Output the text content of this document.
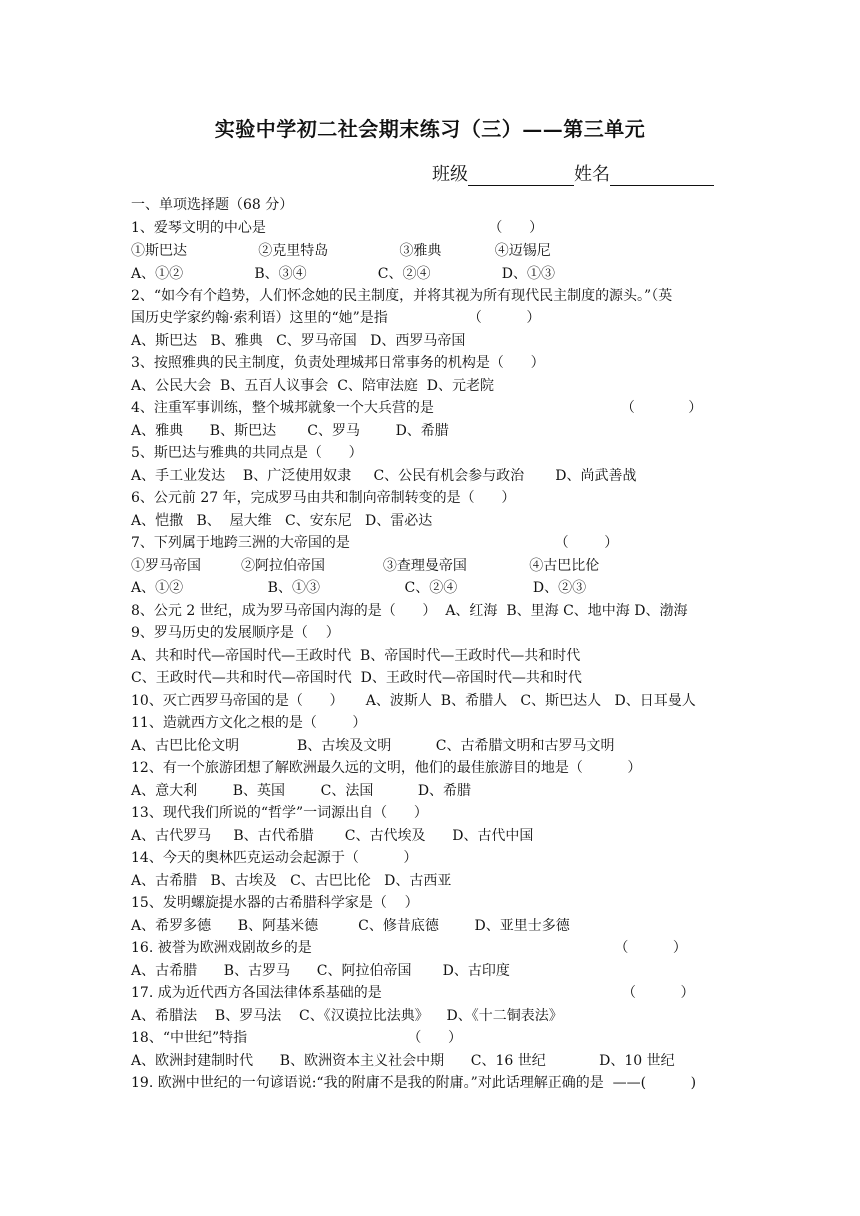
实验中学初二社会期末练习（三）——第三单元
班级	姓名
一、单项选择题（68 分）
1、爱琴文明的中心是                                                  （      ）
①斯巴达                ②克里特岛                ③雅典            ④迈锡尼
A、①②                B、③④                C、②④                D、①③
2、“如今有个趋势，人们怀念她的民主制度，并将其视为所有现代民主制度的源头。”（英
国历史学家约翰·索利语）这里的“她”是指                  （          ）
A、斯巴达   B、雅典   C、罗马帝国   D、西罗马帝国
3、按照雅典的民主制度，负责处理城邦日常事务的机构是（      ）
A、公民大会  B、五百人议事会  C、陪审法庭  D、元老院
4、注重军事训练，整个城邦就象一个大兵营的是                                          （            ）
A、雅典      B、斯巴达       C、罗马        D、希腊
5、斯巴达与雅典的共同点是（      ）
A、手工业发达    B、广泛使用奴隶     C、公民有机会参与政治       D、尚武善战
6、公元前 27 年，完成罗马由共和制向帝制转变的是（      ）
A、恺撒   B、  屋大维   C、安东尼   D、雷必达
7、下列属于地跨三洲的大帝国的是                                              （        ）
①罗马帝国         ②阿拉伯帝国             ③查理曼帝国              ④古巴比伦
A、①②                   B、①③                   C、②④                 D、②③
8、公元 2 世纪，成为罗马帝国内海的是（      ）  A、红海  B、里海 C、地中海 D、渤海
9、罗马历史的发展顺序是（    ）
A、共和时代—帝国时代—王政时代  B、帝国时代—王政时代—共和时代
C、王政时代—共和时代—帝国时代  D、王政时代—帝国时代—共和时代
10、灭亡西罗马帝国的是（      ）     A、波斯人  B、希腊人   C、斯巴达人   D、日耳曼人
11、造就西方文化之根的是（        ）
A、古巴比伦文明             B、古埃及文明          C、古希腊文明和古罗马文明
12、有一个旅游团想了解欧洲最久远的文明，他们的最佳旅游目的地是（          ）
A、意大利        B、英国        C、法国          D、希腊
13、现代我们所说的“哲学”一词源出自（      ）
A、古代罗马     B、古代希腊       C、古代埃及      D、古代中国
14、今天的奥林匹克运动会起源于（          ）
A、古希腊   B、古埃及   C、古巴比伦   D、古西亚
15、发明螺旋提水器的古希腊科学家是（    ）
A、希罗多德      B、阿基米德         C、修昔底德        D、亚里士多德
16. 被誉为欧洲戏剧故乡的是                                                                    （          ）
A、古希腊      B、古罗马      C、阿拉伯帝国       D、古印度
17. 成为近代西方各国法律体系基础的是                                                      （          ）
A、希腊法    B、罗马法    C、《汉谟拉比法典》    D、《十二铜表法》
18、“中世纪”特指                                    （      ）
A、欧洲封建制时代      B、欧洲资本主义社会中期      C、16 世纪            D、10 世纪
19. 欧洲中世纪的一句谚语说:“我的附庸不是我的附庸。”对此话理解正确的是  ——(          )
